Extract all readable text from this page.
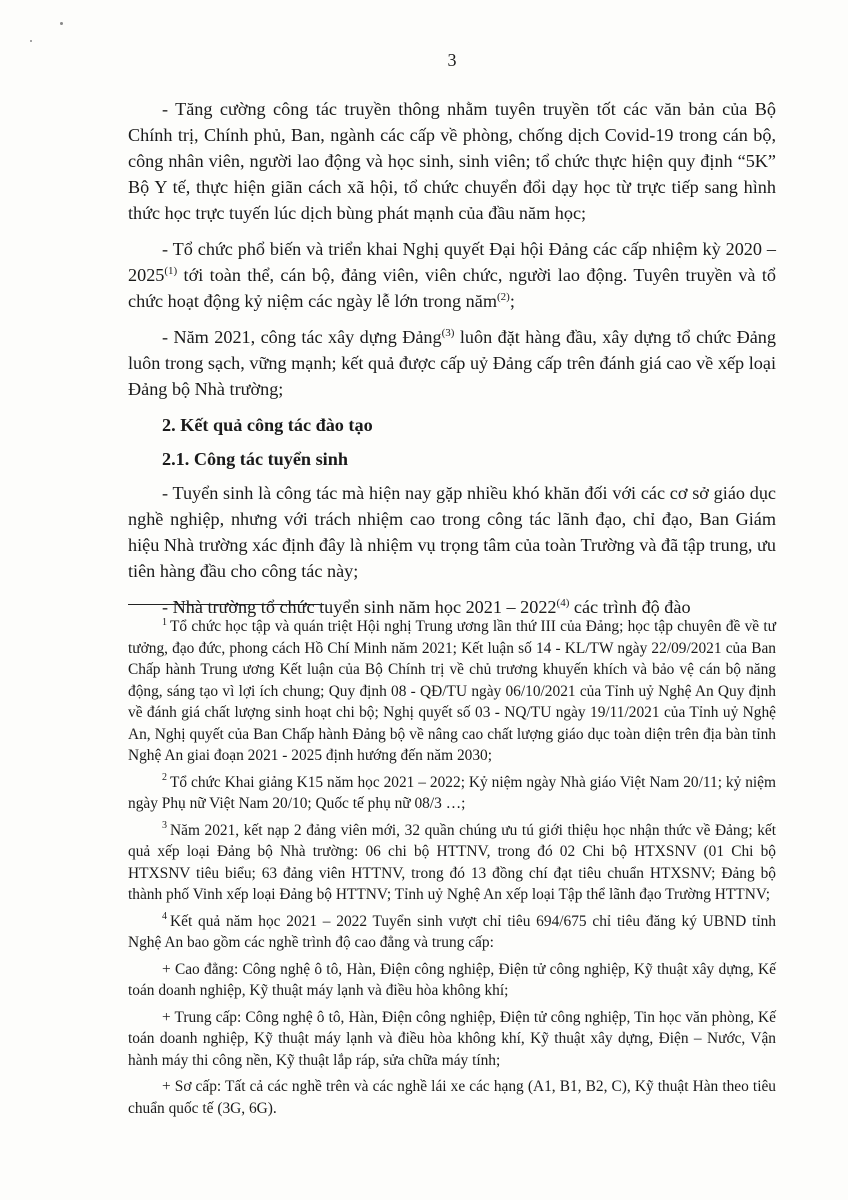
3

- Tăng cường công tác truyền thông nhằm tuyên truyền tốt các văn bản của Bộ Chính trị, Chính phủ, Ban, ngành các cấp về phòng, chống dịch Covid-19 trong cán bộ, công nhân viên, người lao động và học sinh, sinh viên; tổ chức thực hiện quy định “5K” Bộ Y tế, thực hiện giãn cách xã hội, tổ chức chuyển đổi dạy học từ trực tiếp sang hình thức học trực tuyến lúc dịch bùng phát mạnh của đầu năm học;

- Tổ chức phổ biến và triển khai Nghị quyết Đại hội Đảng các cấp nhiệm kỳ 2020 – 2025$^{(1)}$ tới toàn thể, cán bộ, đảng viên, viên chức, người lao động. Tuyên truyền và tổ chức hoạt động kỷ niệm các ngày lễ lớn trong năm$^{(2)}$;

- Năm 2021, công tác xây dựng Đảng$^{(3)}$ luôn đặt hàng đầu, xây dựng tổ chức Đảng luôn trong sạch, vững mạnh; kết quả được cấp uỷ Đảng cấp trên đánh giá cao về xếp loại Đảng bộ Nhà trường;

2. Kết quả công tác đào tạo

2.1. Công tác tuyển sinh

- Tuyển sinh là công tác mà hiện nay gặp nhiều khó khăn đối với các cơ sở giáo dục nghề nghiệp, nhưng với trách nhiệm cao trong công tác lãnh đạo, chỉ đạo, Ban Giám hiệu Nhà trường xác định đây là nhiệm vụ trọng tâm của toàn Trường và đã tập trung, ưu tiên hàng đầu cho công tác này;

- Nhà trường tổ chức tuyển sinh năm học 2021 – 2022$^{(4)}$ các trình độ đào

$^1$ Tổ chức học tập và quán triệt Hội nghị Trung ương lần thứ III của Đảng; học tập chuyên đề về tư tưởng, đạo đức, phong cách Hồ Chí Minh năm 2021; Kết luận số 14 - KL/TW ngày 22/09/2021 của Ban Chấp hành Trung ương Kết luận của Bộ Chính trị về chủ trương khuyến khích và bảo vệ cán bộ năng động, sáng tạo vì lợi ích chung; Quy định 08 - QĐ/TU ngày 06/10/2021 của Tỉnh uỷ Nghệ An Quy định về đánh giá chất lượng sinh hoạt chi bộ; Nghị quyết số 03 - NQ/TU ngày 19/11/2021 của Tỉnh uỷ Nghệ An, Nghị quyết của Ban Chấp hành Đảng bộ về nâng cao chất lượng giáo dục toàn diện trên địa bàn tỉnh Nghệ An giai đoạn 2021 - 2025 định hướng đến năm 2030;

$^2$ Tổ chức Khai giảng K15 năm học 2021 – 2022; Kỷ niệm ngày Nhà giáo Việt Nam 20/11; kỷ niệm ngày Phụ nữ Việt Nam 20/10; Quốc tế phụ nữ 08/3 …;

$^3$ Năm 2021, kết nạp 2 đảng viên mới, 32 quần chúng ưu tú giới thiệu học nhận thức về Đảng; kết quả xếp loại Đảng bộ Nhà trường: 06 chi bộ HTTNV, trong đó 02 Chi bộ HTXSNV (01 Chi bộ HTXSNV tiêu biểu; 63 đảng viên HTTNV, trong đó 13 đồng chí đạt tiêu chuẩn HTXSNV; Đảng bộ thành phố Vinh xếp loại Đảng bộ HTTNV; Tỉnh uỷ Nghệ An xếp loại Tập thể lãnh đạo Trường HTTNV;

$^4$ Kết quả năm học 2021 – 2022 Tuyển sinh vượt chỉ tiêu 694/675 chỉ tiêu đăng ký UBND tỉnh Nghệ An bao gồm các nghề trình độ cao đẳng và trung cấp:

+ Cao đẳng: Công nghệ ô tô, Hàn, Điện công nghiệp, Điện tử công nghiệp, Kỹ thuật xây dựng, Kế toán doanh nghiệp, Kỹ thuật máy lạnh và điều hòa không khí;

+ Trung cấp: Công nghệ ô tô, Hàn, Điện công nghiệp, Điện tử công nghiệp, Tin học văn phòng, Kế toán doanh nghiệp, Kỹ thuật máy lạnh và điều hòa không khí, Kỹ thuật xây dựng, Điện – Nước, Vận hành máy thi công nền, Kỹ thuật lắp ráp, sửa chữa máy tính;

+ Sơ cấp: Tất cả các nghề trên và các nghề lái xe các hạng (A1, B1, B2, C), Kỹ thuật Hàn theo tiêu chuẩn quốc tế (3G, 6G).
